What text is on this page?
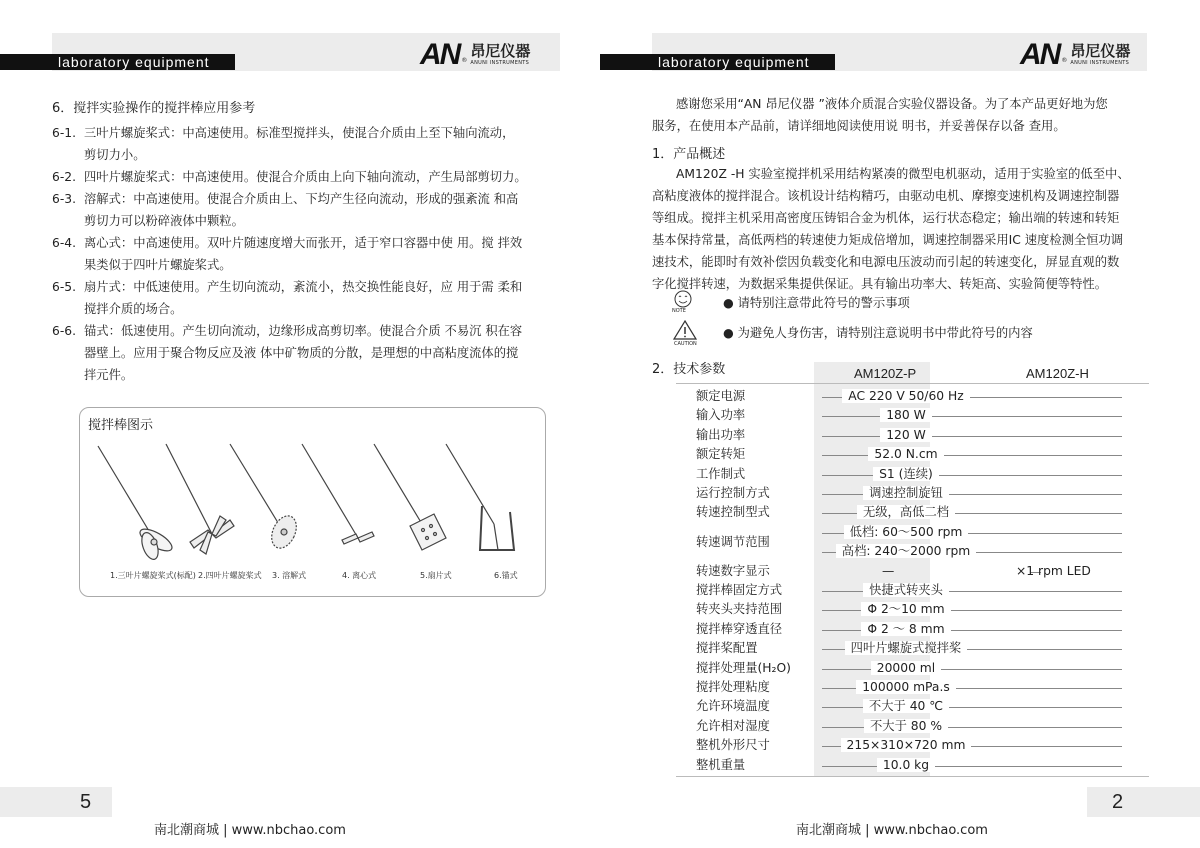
laboratory equipment	AN ® 昂尼仪器
ANUNI INSTRUMENTS
6．搅拌实验操作的搅拌棒应用参考
6-1. 三叶片螺旋桨式：中高速使用。标准型搅拌头，使混合介质由上至下轴向流动，
剪切力小。
6-2. 四叶片螺旋桨式：中高速使用。使混合介质由上向下轴向流动，产生局部剪切力。
6-3. 溶解式：中高速使用。使混合介质由上、下均产生径向流动，形成的强紊流 和高
剪切力可以粉碎液体中颗粒。
6-4. 离心式：中高速使用。双叶片随速度增大而张开，适于窄口容器中使 用。搅 拌效
果类似于四叶片螺旋桨式。
6-5. 扇片式：中低速使用。产生切向流动，紊流小，热交换性能良好，应 用于需 柔和
搅拌介质的场合。
6-6. 锚式：低速使用。产生切向流动，边缘形成高剪切率。使混合介质 不易沉 积在容
器壁上。应用于聚合物反应及液 体中矿物质的分散，是理想的中高粘度流体的搅
拌元件。
搅拌棒图示
1.三叶片螺旋桨式(标配) 2.四叶片螺旋桨式 3. 溶解式	4. 离心式	5.扇片式	6.锚式
5
南北潮商城 | www.nbchao.com
laboratory equipment	AN ® 昂尼仪器
ANUNI INSTRUMENTS
感谢您采用“AN 昂尼仪器 ”液体介质混合实验仪器设备。为了本产品更好地为您
服务，在使用本产品前，请详细地阅读使用说 明书，并妥善保存以备 查用。
1．产品概述
AM120Z -H 实验室搅拌机采用结构紧凑的微型电机驱动，适用于实验室的低至中、
高粘度液体的搅拌混合。该机设计结构精巧，由驱动电机、摩擦变速机构及调速控制器
等组成。搅拌主机采用高密度压铸铝合金为机体，运行状态稳定；输出端的转速和转矩
基本保持常量，高低两档的转速使力矩成倍增加，调速控制器采用IC 速度检测全恒功调
速技术，能即时有效补偿因负载变化和电源电压波动而引起的转速变化，屏显直观的数
字化搅拌转速，为数据采集提供保证。具有输出功率大、转矩高、实验简便等特性。
NOTE
● 请特别注意带此符号的警示事项
CAUTION
● 为避免人身伤害，请特别注意说明书中带此符号的内容
2．技术参数	AM120Z-P	AM120Z-H
额定电源	AC 220 V 50/60 Hz
输入功率	180 W
输出功率	120 W
额定转矩	52.0 N.cm
工作制式	S1 (连续)
运行控制方式	调速控制旋钮
转速控制型式	无级，高低二档
转速调节范围
低档: 60～500 rpm
高档: 240～2000 rpm
转速数字显示	—	×1 rpm LED
搅拌棒固定方式	快捷式转夹头
转夹头夹持范围	Φ 2～10 mm
搅拌棒穿透直径	Φ 2 ～ 8 mm
搅拌桨配置	四叶片螺旋式搅拌桨
搅拌处理量(H₂O)	20000 ml
搅拌处理粘度	100000 mPa.s
允许环境温度	不大于 40 ℃
允许相对湿度	不大于 80 %
整机外形尺寸	215×310×720 mm
整机重量	10.0 kg
2
南北潮商城 | www.nbchao.com
